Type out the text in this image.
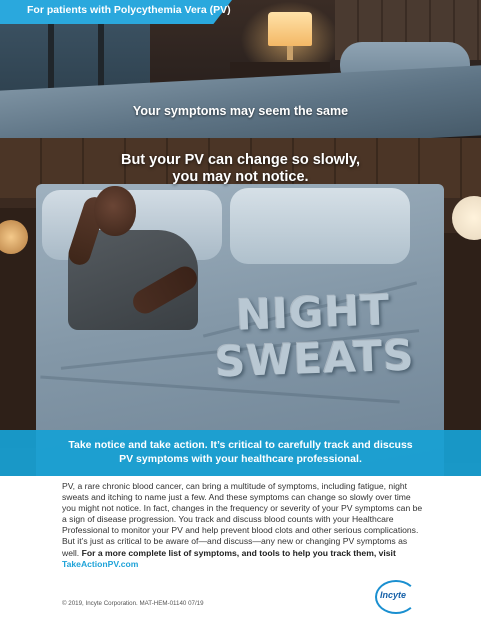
For patients with Polycythemia Vera (PV)
Your symptoms may seem the same
But your PV can change so slowly,
you may not notice.
NIGHT
SWEATS
Take notice and take action. It’s critical to carefully track and discuss
PV symptoms with your healthcare professional.
PV, a rare chronic blood cancer, can bring a multitude of symptoms, including fatigue, night sweats and itching to name just a few. And these symptoms can change so slowly over time you might not notice. In fact, changes in the frequency or severity of your PV symptoms can be a sign of disease progression. You track and discuss blood counts with your Healthcare Professional to monitor your PV and help prevent blood clots and other serious complications. But it’s just as critical to be aware of—and discuss—any new or changing PV symptoms as well. For a more complete list of symptoms, and tools to help you track them, visit TakeActionPV.com
© 2019, Incyte Corporation. MAT-HEM-01140 07/19
Incyte
